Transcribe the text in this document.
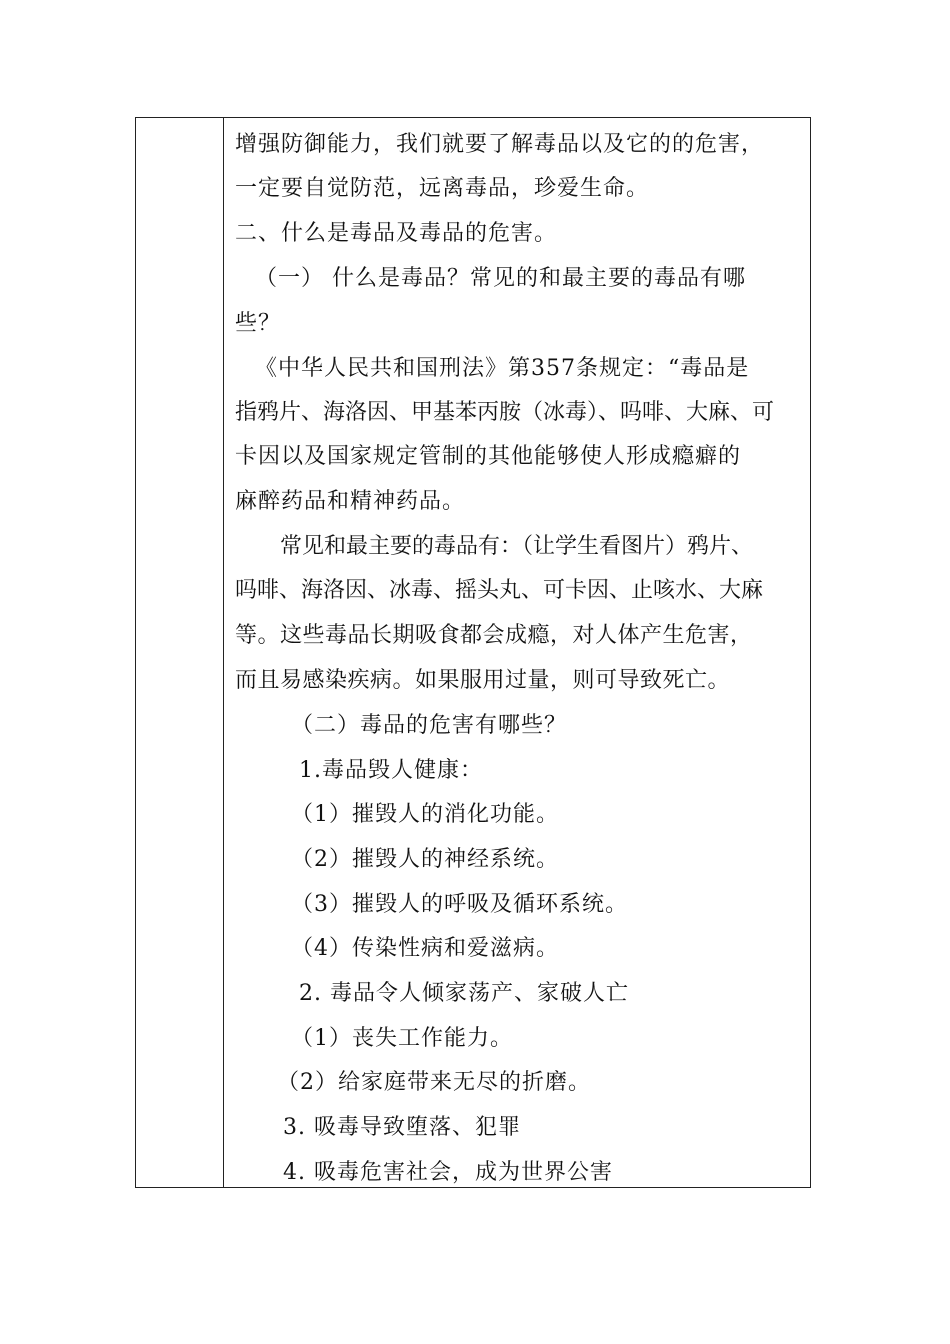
增强防御能力，我们就要了解毒品以及它的的危害，
一定要自觉防范，远离毒品，珍爱生命。
二、什么是毒品及毒品的危害。
（一） 什么是毒品？常见的和最主要的毒品有哪
些？
《中华人民共和国刑法》第357条规定：“毒品是
指鸦片、海洛因、甲基苯丙胺（冰毒）、吗啡、大麻、可
卡因以及国家规定管制的其他能够使人形成瘾癖的
麻醉药品和精神药品。
常见和最主要的毒品有：（让学生看图片）鸦片、
吗啡、海洛因、冰毒、摇头丸、可卡因、止咳水、大麻
等。这些毒品长期吸食都会成瘾，对人体产生危害，
而且易感染疾病。如果服用过量，则可导致死亡。
（二）毒品的危害有哪些？
1.毒品毁人健康：
（1）摧毁人的消化功能。
（2）摧毁人的神经系统。
（3）摧毁人的呼吸及循环系统。
（4）传染性病和爱滋病。
2. 毒品令人倾家荡产、家破人亡
（1）丧失工作能力。
（2）给家庭带来无尽的折磨。
3. 吸毒导致堕落、犯罪
4. 吸毒危害社会，成为世界公害
